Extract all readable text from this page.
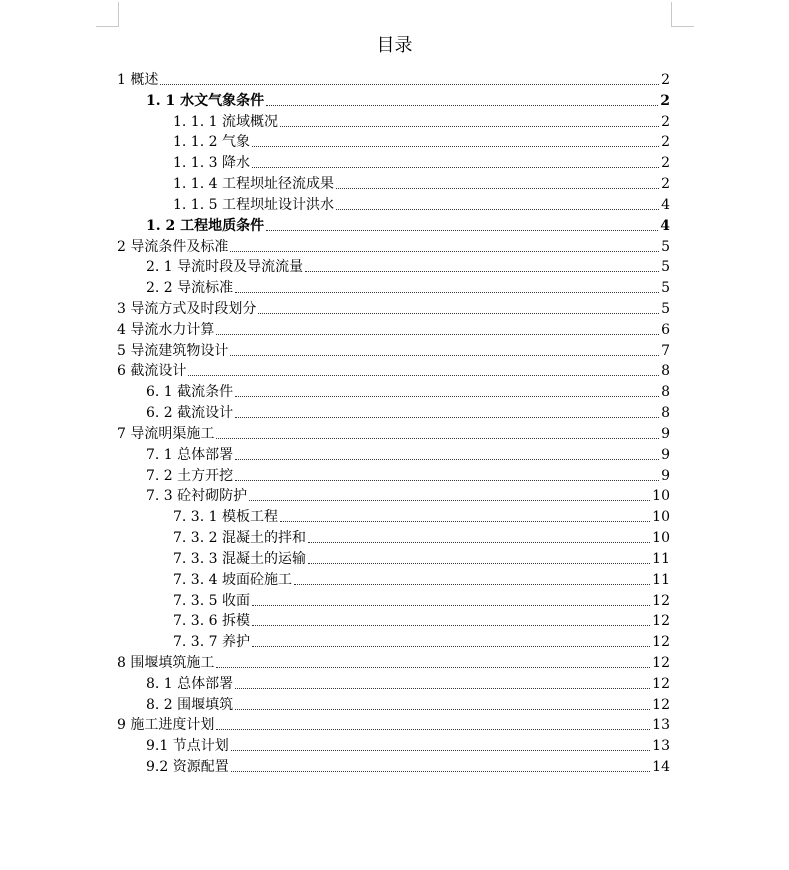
目录
1 概述	2
1. 1 水文气象条件	2
1. 1. 1 流域概况	2
1. 1. 2 气象	2
1. 1. 3 降水	2
1. 1. 4 工程坝址径流成果	2
1. 1. 5 工程坝址设计洪水	4
1. 2 工程地质条件	4
2 导流条件及标准	5
2. 1 导流时段及导流流量	5
2. 2 导流标准	5
3 导流方式及时段划分	5
4 导流水力计算	6
5 导流建筑物设计	7
6 截流设计	8
6. 1 截流条件	8
6. 2 截流设计	8
7 导流明渠施工	9
7. 1 总体部署	9
7. 2 土方开挖	9
7. 3 砼衬砌防护	10
7. 3. 1 模板工程	10
7. 3. 2 混凝土的拌和	10
7. 3. 3 混凝土的运输	11
7. 3. 4 坡面砼施工	11
7. 3. 5 收面	12
7. 3. 6 拆模	12
7. 3. 7 养护	12
8 围堰填筑施工	12
8. 1 总体部署	12
8. 2 围堰填筑	12
9 施工进度计划	13
9.1 节点计划	13
9.2 资源配置	14
